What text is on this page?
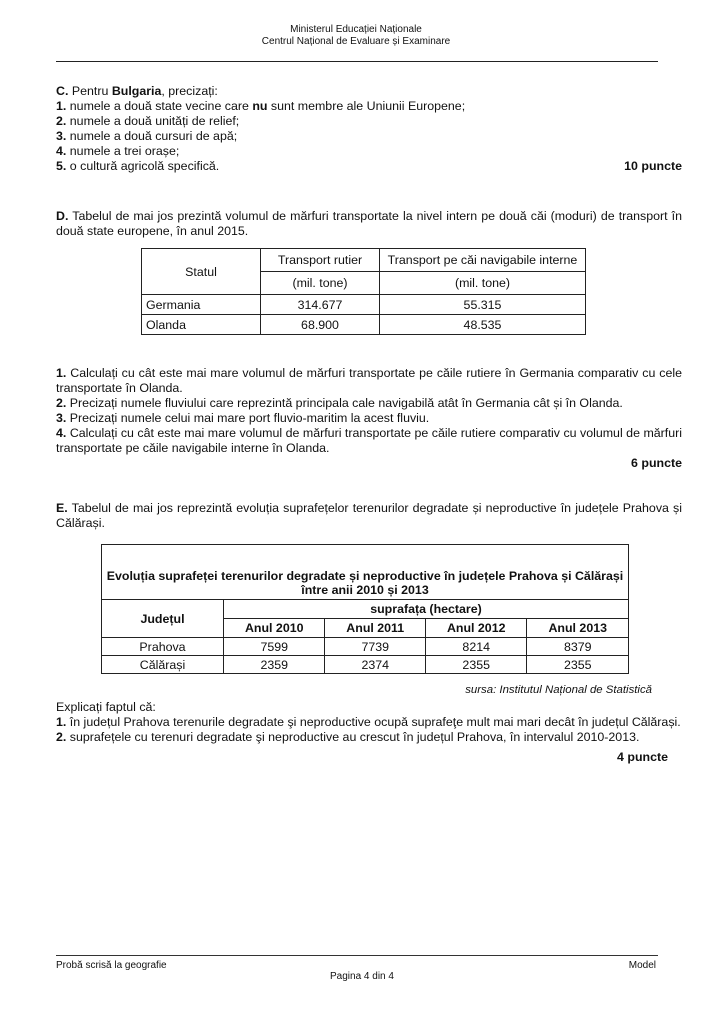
Ministerul Educației Naționale
Centrul Național de Evaluare și Examinare

C. Pentru Bulgaria, precizați:

1. numele a două state vecine care nu sunt membre ale Uniunii Europene;

2. numele a două unități de relief;

3. numele a două cursuri de apă;

4. numele a trei orașe;

10 puncte
5. o cultură agricolă specifică.

D. Tabelul de mai jos prezintă volumul de mărfuri transportate la nivel intern pe două căi (moduri) de transport în două state europene, în anul 2015.

Statul	Transport rutier	Transport pe căi navigabile interne
	(mil. tone)	(mil. tone)
Germania	314.677	55.315
Olanda	68.900	48.535

1. Calculați cu cât este mai mare volumul de mărfuri transportate pe căile rutiere în Germania comparativ cu cele transportate în Olanda.

2. Precizați numele fluviului care reprezintă principala cale navigabilă atât în Germania cât și în Olanda.

3. Precizați numele celui mai mare port fluvio-maritim la acest fluviu.

4. Calculați cu cât este mai mare volumul de mărfuri transportate pe căile rutiere comparativ cu volumul de mărfuri transportate pe căile navigabile interne în Olanda.
6 puncte

E. Tabelul de mai jos reprezintă evoluția suprafețelor terenurilor degradate și neproductive în județele Prahova și Călărași.

Evoluția suprafeței terenurilor degradate și neproductive în județele Prahova și Călărași între anii 2010 și 2013				
Județul	suprafața (hectare)			
	Anul 2010	Anul 2011	Anul 2012	Anul 2013
Prahova	7599	7739	8214	8379
Călărași	2359	2374	2355	2355
sursa: Institutul Național de Statistică

Explicați faptul că:

1. în județul Prahova terenurile degradate şi neproductive ocupă suprafeţe mult mai mari decât în județul Călărași.

2. suprafețele cu terenuri degradate şi neproductive au crescut în județul Prahova, în intervalul 2010-2013.

4 puncte

Probă scrisă la geografie	Model
Pagina 4 din 4
